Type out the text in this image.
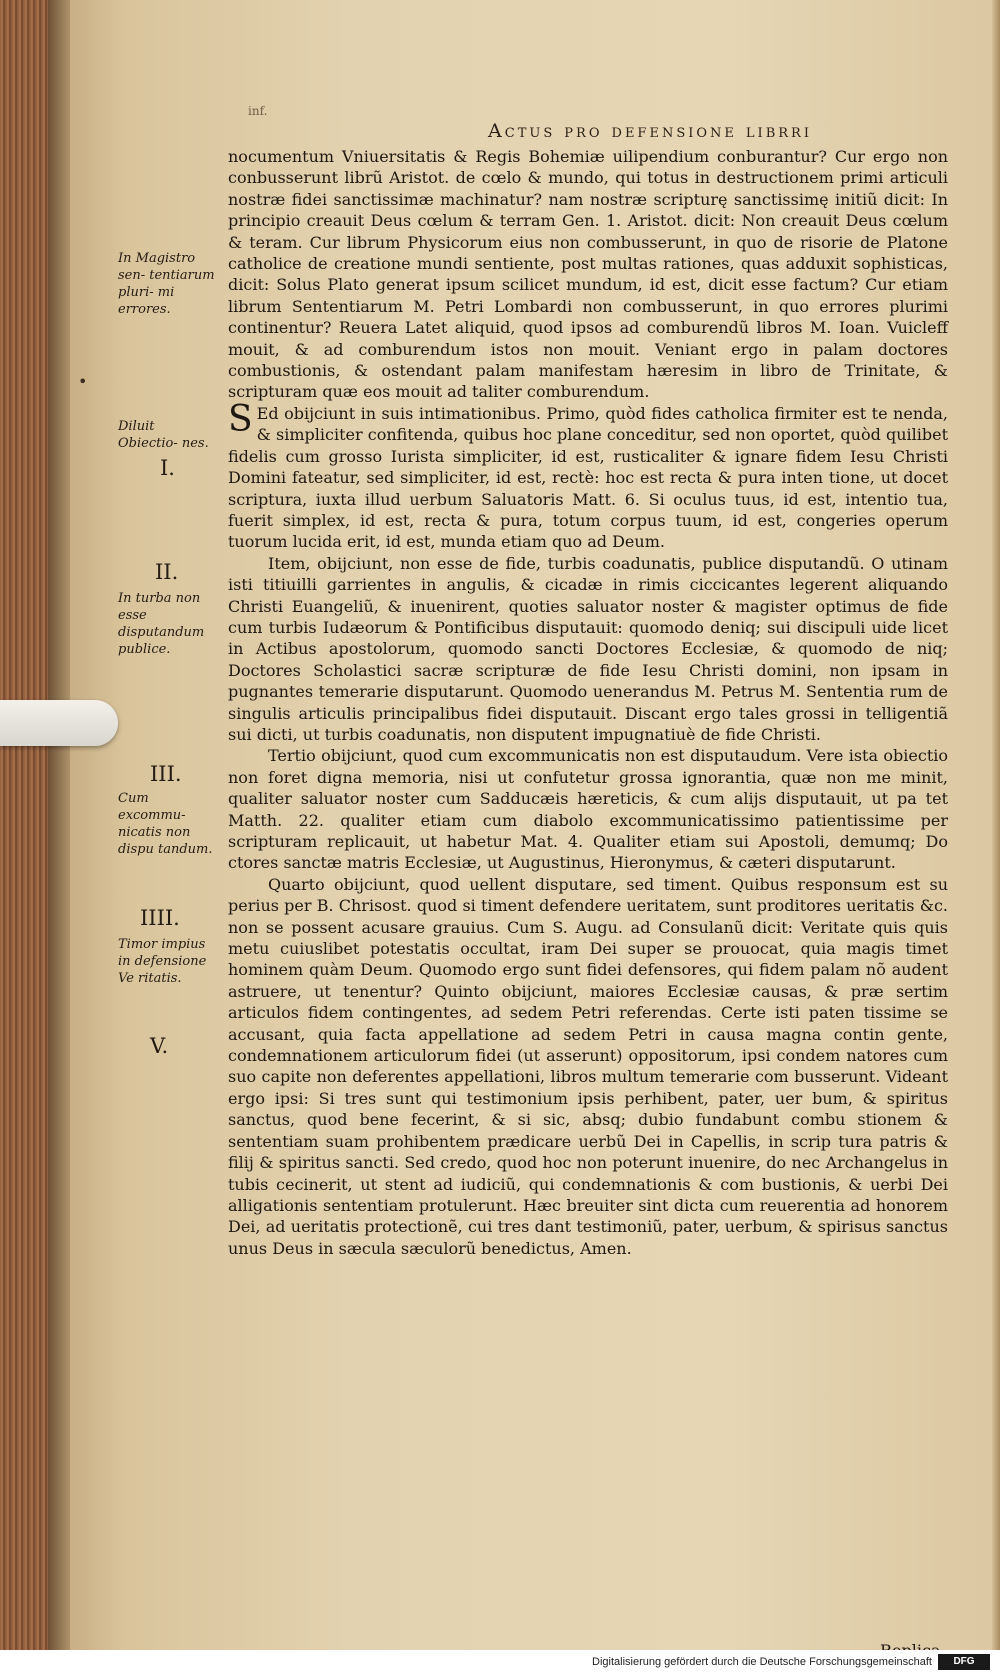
inf.
Actus pro defensione librri
In Magistro sen‑ tentiarum pluri‑ mi errores.
Diluit Obiectio‑ nes.
In turba non esse disputandum publice.
Cum excommu‑ nicatis non dispu tandum.
Timor impius in defensione Ve ritatis.
I.
II.
III.
IIII.
V.
•

nocumentum Vniuersitatis & Regis Bohemiæ uilipendium conburantur? Cur ergo non conbusserunt librũ Aristot. de cœlo & mundo, qui totus in destructionem primi articuli nostræ fidei sanctissimæ machinatur? nam nostræ scripturę sanctissimę initiũ dicit: In principio creauit Deus cœlum & terram Gen. 1. Aristot. dicit: Non creauit Deus cœlum & teram. Cur librum Physicorum eius non combusserunt, in quo de risorie de Platone catholice de creatione mundi sentiente, post multas rationes, quas adduxit sophisticas, dicit: Solus Plato generat ipsum scilicet mundum, id est, dicit esse factum? Cur etiam librum Sententiarum M. Petri Lombardi non combusserunt, in quo errores plurimi continentur? Reuera Latet aliquid, quod ipsos ad comburendũ libros M. Ioan. Vuicleff mouit, & ad comburendum istos non mouit. Veniant ergo in palam doctores combustionis, & ostendant palam manifestam hæresim in libro de Trinitate, & scripturam quæ eos mouit ad taliter comburendum.

S Ed obijciunt in suis intimationibus. Primo, quòd fides catholica firmiter est te nenda, & simpliciter confitenda, quibus hoc plane conceditur, sed non oportet, quòd quilibet fidelis cum grosso Iurista simpliciter, id est, rusticaliter & ignare fidem Iesu Christi Domini fateatur, sed simpliciter, id est, rectè: hoc est recta & pura inten tione, ut docet scriptura, iuxta illud uerbum Saluatoris Matt. 6. Si oculus tuus, id est, intentio tua, fuerit simplex, id est, recta & pura, totum corpus tuum, id est, congeries operum tuorum lucida erit, id est, munda etiam quo ad Deum.

Item, obijciunt, non esse de fide, turbis coadunatis, publice disputandũ. O utinam isti titiuilli garrientes in angulis, & cicadæ in rimis ciccicantes legerent aliquando Christi Euangeliũ, & inuenirent, quoties saluator noster & magister optimus de fide cum turbis Iudæorum & Pontificibus disputauit: quomodo deniq; sui discipuli uide licet in Actibus apostolorum, quomodo sancti Doctores Ecclesiæ, & quomodo de niq; Doctores Scholastici sacræ scripturæ de fide Iesu Christi domini, non ipsam in pugnantes temerarie disputarunt. Quomodo uenerandus M. Petrus M. Sententia rum de singulis articulis principalibus fidei disputauit. Discant ergo tales grossi in telligentiã sui dicti, ut turbis coadunatis, non disputent impugnatiuè de fide Christi.

Tertio obijciunt, quod cum excommunicatis non est disputaudum. Vere ista obiectio non foret digna memoria, nisi ut confutetur grossa ignorantia, quæ non me minit, qualiter saluator noster cum Sadducæis hæreticis, & cum alijs disputauit, ut pa tet Matth. 22. qualiter etiam cum diabolo excommunicatissimo patientissime per scripturam replicauit, ut habetur Mat. 4. Qualiter etiam sui Apostoli, demumq; Do ctores sanctæ matris Ecclesiæ, ut Augustinus, Hieronymus, & cæteri disputarunt.

Quarto obijciunt, quod uellent disputare, sed timent. Quibus responsum est su perius per B. Chrisost. quod si timent defendere ueritatem, sunt proditores ueritatis &c. non se possent acusare grauius. Cum S. Augu. ad Consulanũ dicit: Veritate quis quis metu cuiuslibet potestatis occultat, iram Dei super se prouocat, quia magis timet hominem quàm Deum. Quomodo ergo sunt fidei defensores, qui fidem palam nõ audent astruere, ut tenentur? Quinto obijciunt, maiores Ecclesiæ causas, & præ sertim articulos fidem contingentes, ad sedem Petri referendas. Certe isti paten tissime se accusant, quia facta appellatione ad sedem Petri in causa magna contin gente, condemnationem articulorum fidei (ut asserunt) oppositorum, ipsi condem natores cum suo capite non deferentes appellationi, libros multum temerarie com busserunt. Videant ergo ipsi: Si tres sunt qui testimonium ipsis perhibent, pater, uer bum, & spiritus sanctus, quod bene fecerint, & si sic, absq; dubio fundabunt combu stionem & sententiam suam prohibentem prædicare uerbũ Dei in Capellis, in scrip tura patris & filij & spiritus sancti. Sed credo, quod hoc non poterunt inuenire, do nec Archangelus in tubis cecinerit, ut stent ad iudiciũ, qui condemnationis & com bustionis, & uerbi Dei alligationis sententiam protulerunt. Hæc breuiter sint dicta cum reuerentia ad honorem Dei, ad ueritatis protectionẽ, cui tres dant testimoniũ, pater, uerbum, & spirisus sanctus unus Deus in sæcula sæculorũ benedictus, Amen.

Digitalisierung gefördert durch die Deutsche Forschungsgemeinschaft	DFG
